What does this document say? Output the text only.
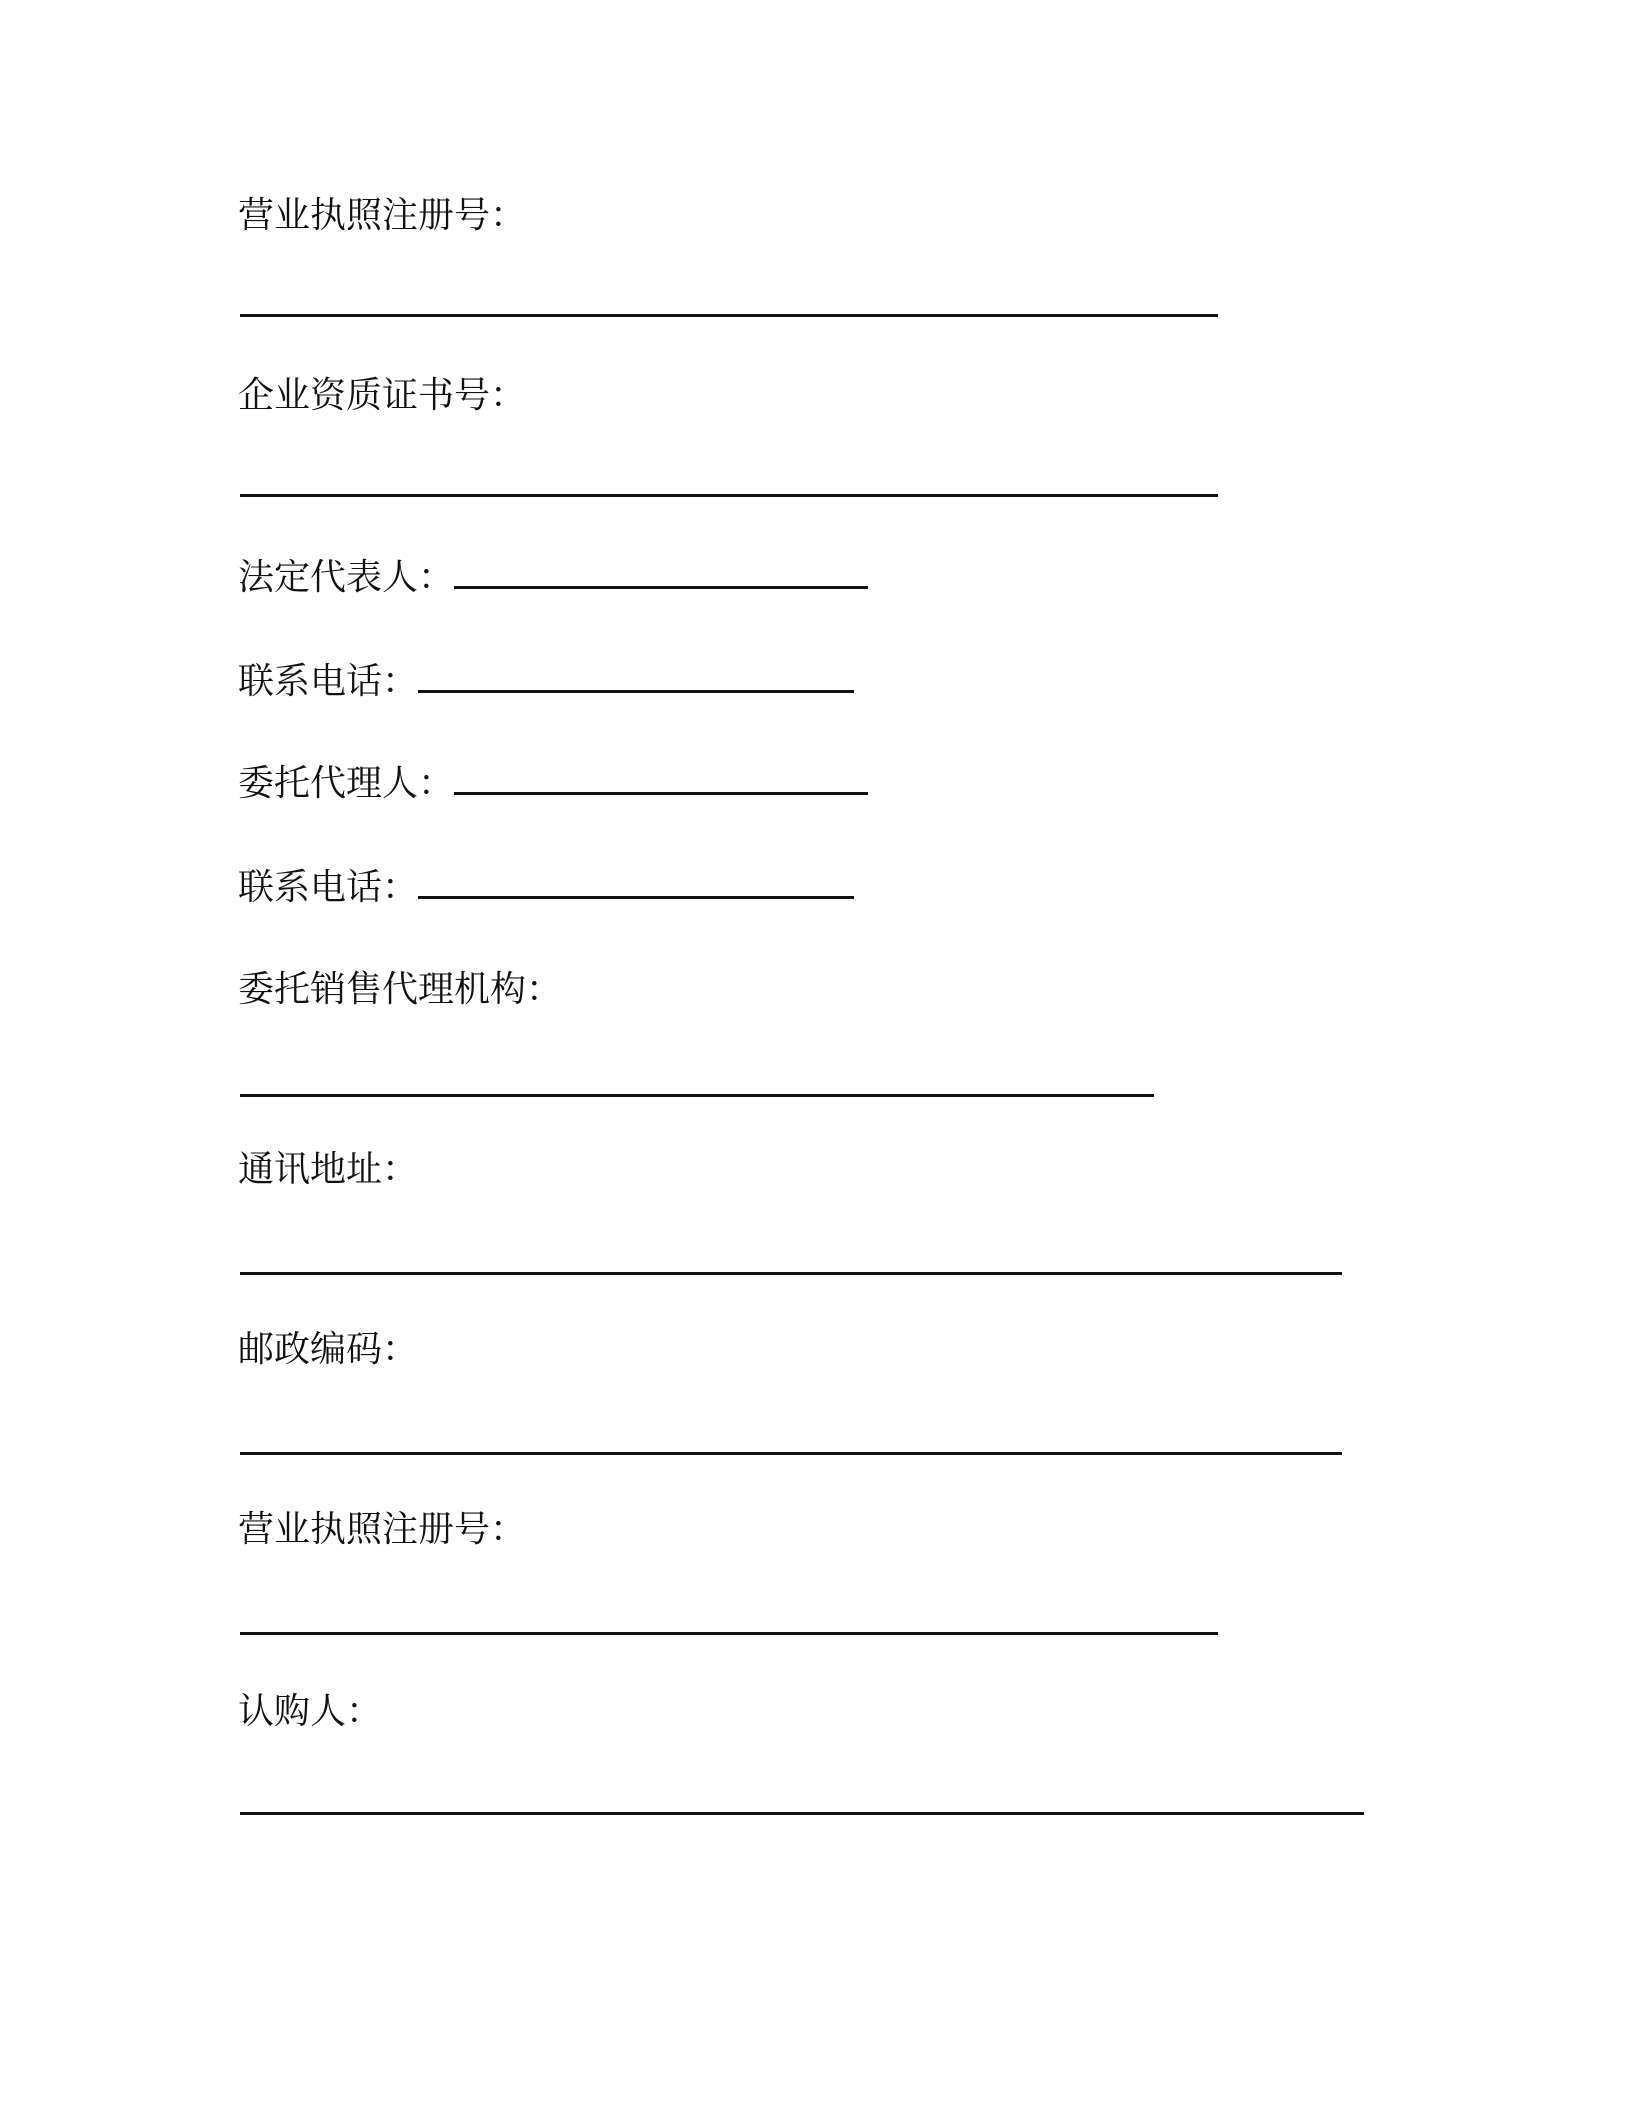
营业执照注册号：
企业资质证书号：
法定代表人：
联系电话：
委托代理人：
联系电话：
委托销售代理机构：
通讯地址：
邮政编码：
营业执照注册号：
认购人：
